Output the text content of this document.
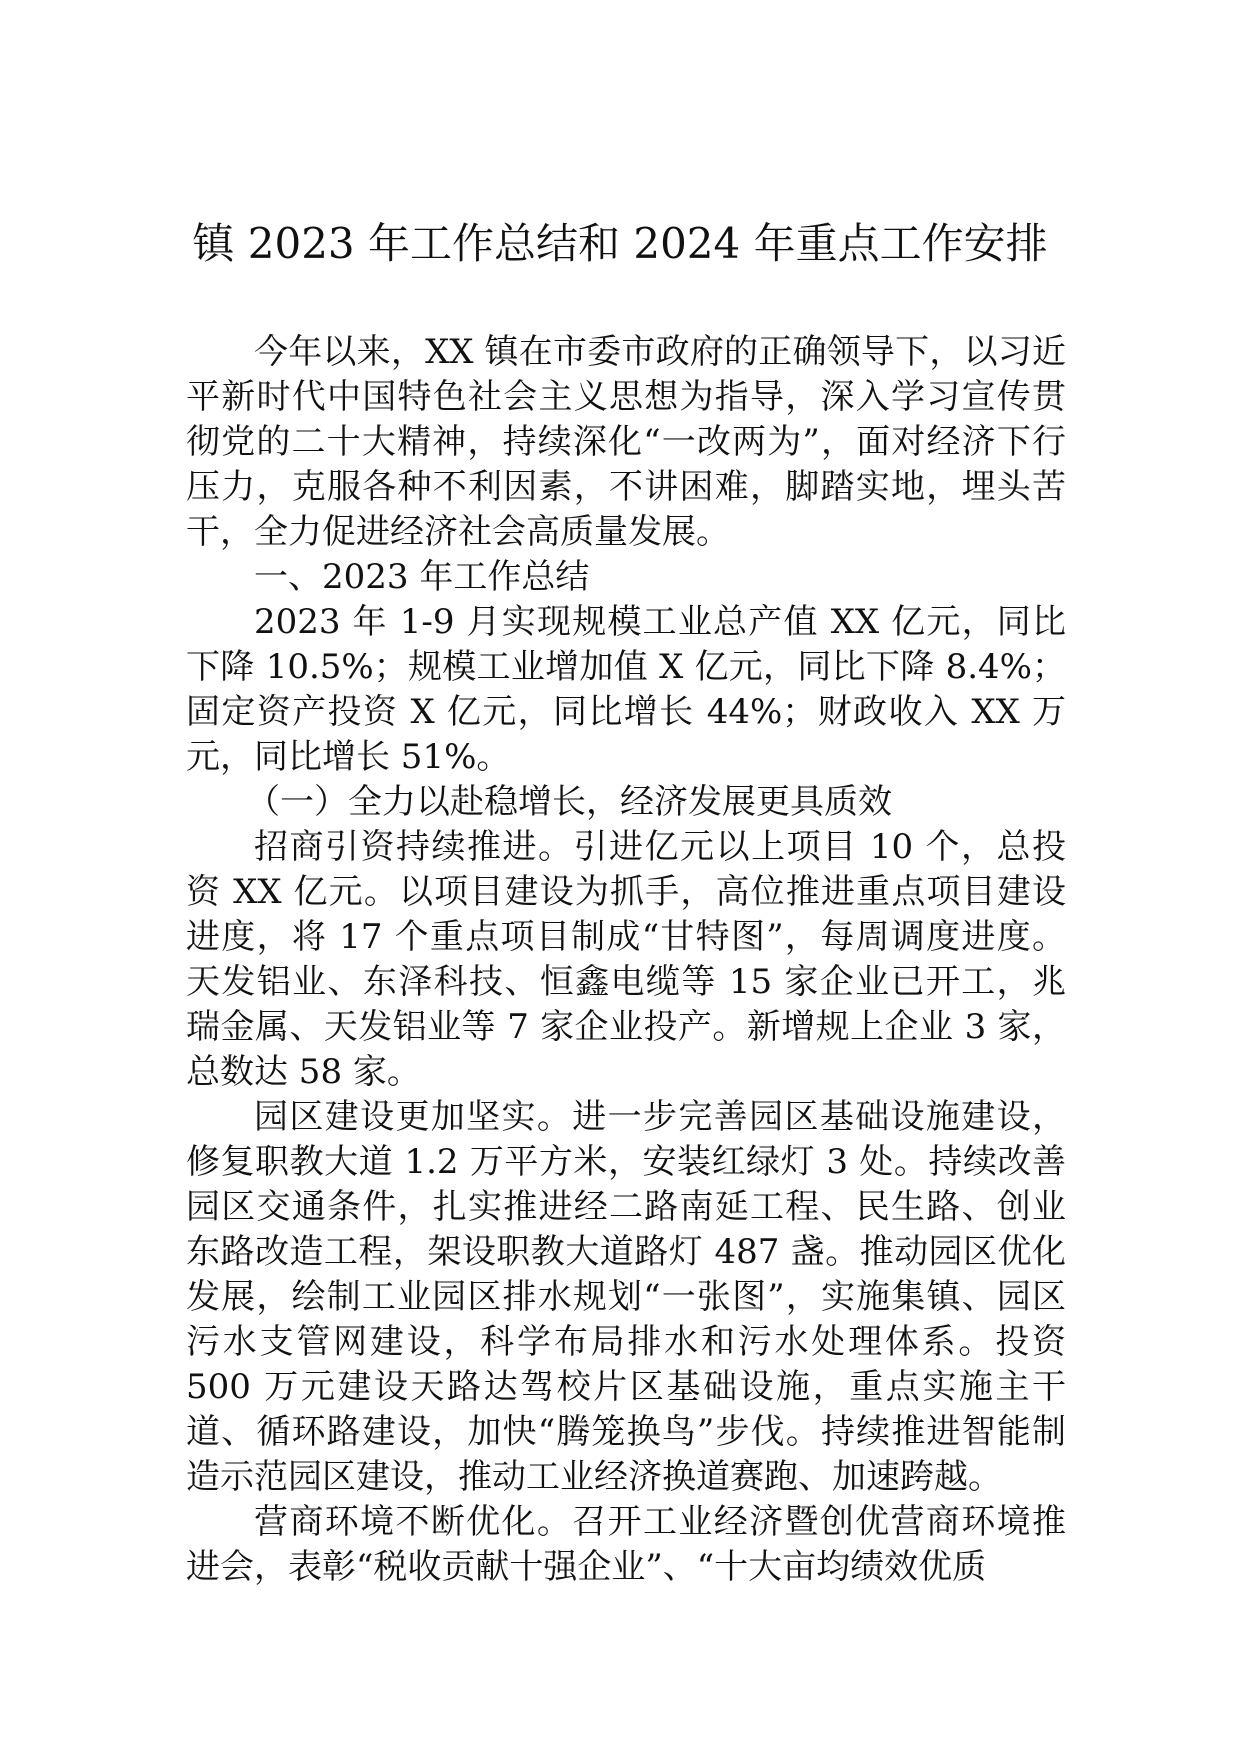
镇 2023 年工作总结和 2024 年重点工作安排

今年以来，XX 镇在市委市政府的正确领导下，以习近平新时代中国特色社会主义思想为指导，深入学习宣传贯彻党的二十大精神，持续深化“一改两为”，面对经济下行压力，克服各种不利因素，不讲困难，脚踏实地，埋头苦干，全力促进经济社会高质量发展。

一、2023 年工作总结

2023 年 1-9 月实现规模工业总产值 XX 亿元，同比下降 10.5%；规模工业增加值 X 亿元，同比下降 8.4%；固定资产投资 X 亿元，同比增长 44%；财政收入 XX 万元，同比增长 51%。

（一）全力以赴稳增长，经济发展更具质效

招商引资持续推进。引进亿元以上项目 10 个，总投资 XX 亿元。以项目建设为抓手，高位推进重点项目建设进度，将 17 个重点项目制成“甘特图”，每周调度进度。天发铝业、东泽科技、恒鑫电缆等 15 家企业已开工，兆瑞金属、天发铝业等 7 家企业投产。新增规上企业 3 家，总数达 58 家。

园区建设更加坚实。进一步完善园区基础设施建设，修复职教大道 1.2 万平方米，安装红绿灯 3 处。持续改善园区交通条件，扎实推进经二路南延工程、民生路、创业东路改造工程，架设职教大道路灯 487 盏。推动园区优化发展，绘制工业园区排水规划“一张图”，实施集镇、园区污水支管网建设，科学布局排水和污水处理体系。投资 500 万元建设天路达驾校片区基础设施，重点实施主干道、循环路建设，加快“腾笼换鸟”步伐。持续推进智能制造示范园区建设，推动工业经济换道赛跑、加速跨越。

营商环境不断优化。召开工业经济暨创优营商环境推进会，表彰“税收贡献十强企业”、“十大亩均绩效优质
